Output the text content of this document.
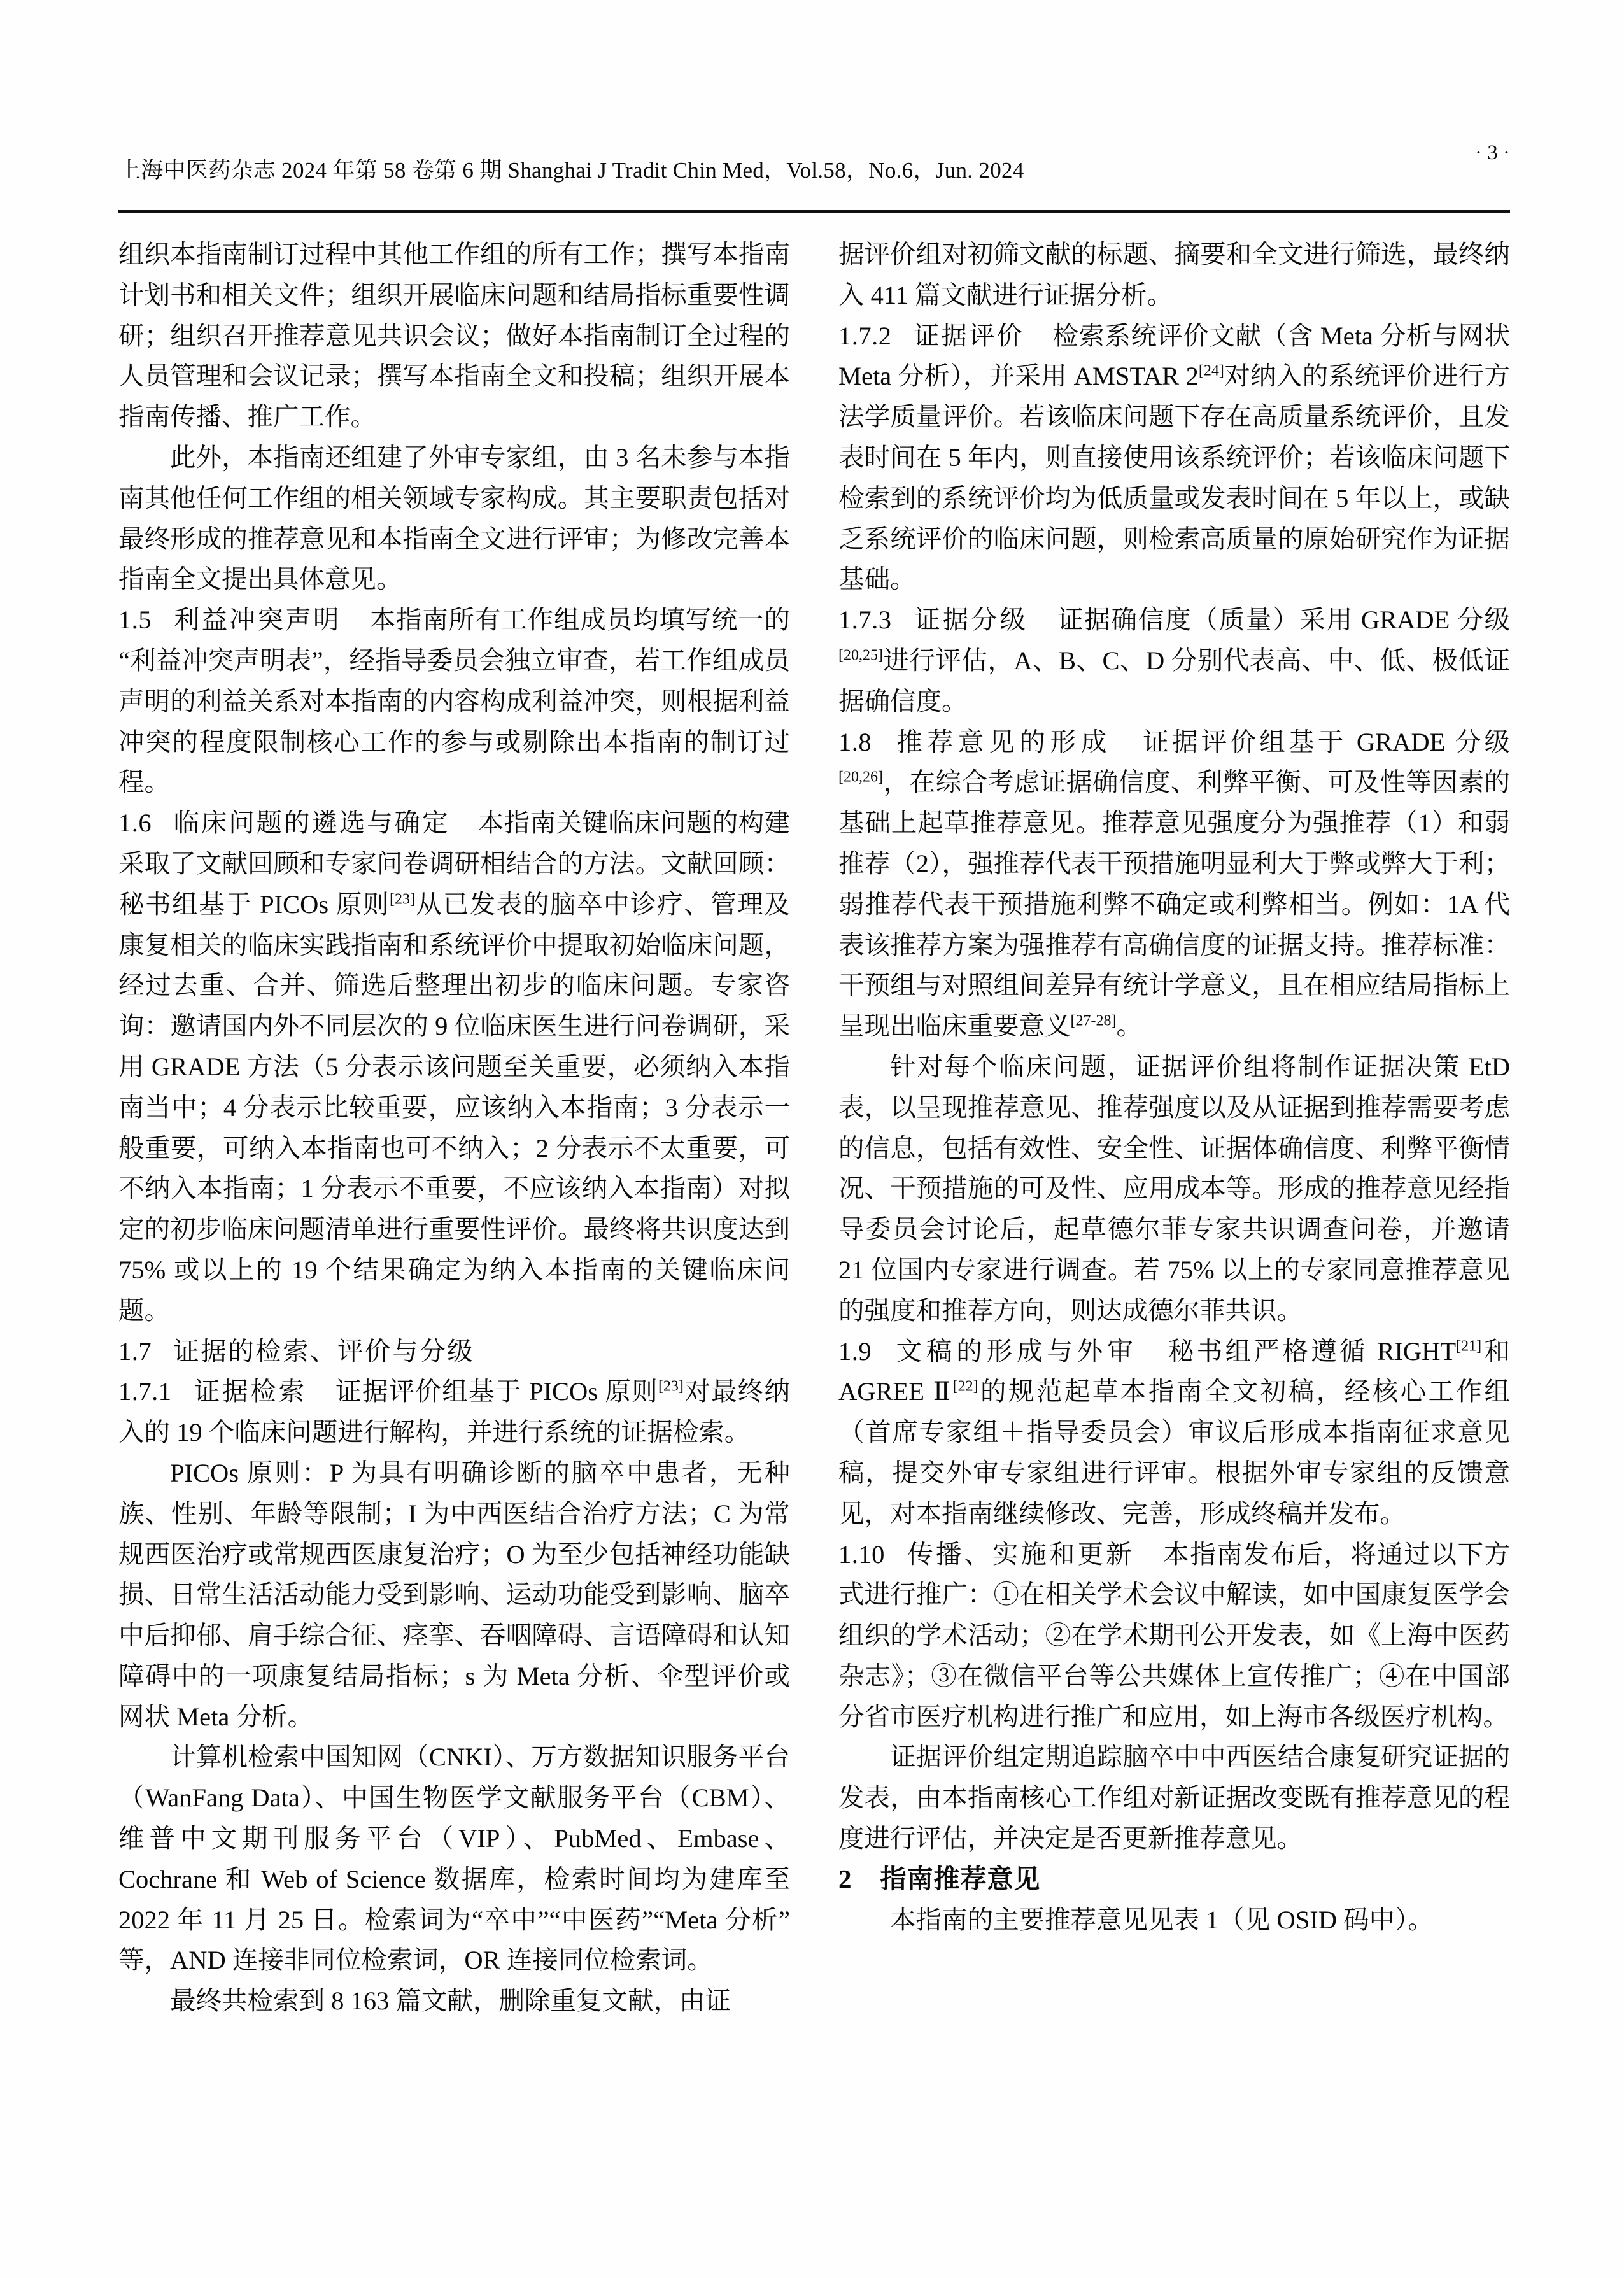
上海中医药杂志 2024 年第 58 卷第 6 期 Shanghai J Tradit Chin Med，Vol.58，No.6，Jun. 2024
· 3 ·

组织本指南制订过程中其他工作组的所有工作；撰写本指南计划书和相关文件；组织开展临床问题和结局指标重要性调研；组织召开推荐意见共识会议；做好本指南制订全过程的人员管理和会议记录；撰写本指南全文和投稿；组织开展本指南传播、推广工作。

此外，本指南还组建了外审专家组，由 3 名未参与本指南其他任何工作组的相关领域专家构成。其主要职责包括对最终形成的推荐意见和本指南全文进行评审；为修改完善本指南全文提出具体意见。

1.5 利益冲突声明 本指南所有工作组成员均填写统一的“利益冲突声明表”，经指导委员会独立审查，若工作组成员声明的利益关系对本指南的内容构成利益冲突，则根据利益冲突的程度限制核心工作的参与或剔除出本指南的制订过程。

1.6 临床问题的遴选与确定 本指南关键临床问题的构建采取了文献回顾和专家问卷调研相结合的方法。文献回顾：秘书组基于 PICOs 原则[23]从已发表的脑卒中诊疗、管理及康复相关的临床实践指南和系统评价中提取初始临床问题，经过去重、合并、筛选后整理出初步的临床问题。专家咨询：邀请国内外不同层次的 9 位临床医生进行问卷调研，采用 GRADE 方法（5 分表示该问题至关重要，必须纳入本指南当中；4 分表示比较重要，应该纳入本指南；3 分表示一般重要，可纳入本指南也可不纳入；2 分表示不太重要，可不纳入本指南；1 分表示不重要，不应该纳入本指南）对拟定的初步临床问题清单进行重要性评价。最终将共识度达到 75% 或以上的 19 个结果确定为纳入本指南的关键临床问题。

1.7 证据的检索、评价与分级

1.7.1 证据检索 证据评价组基于 PICOs 原则[23]对最终纳入的 19 个临床问题进行解构，并进行系统的证据检索。

PICOs 原则：P 为具有明确诊断的脑卒中患者，无种族、性别、年龄等限制；I 为中西医结合治疗方法；C 为常规西医治疗或常规西医康复治疗；O 为至少包括神经功能缺损、日常生活活动能力受到影响、运动功能受到影响、脑卒中后抑郁、肩手综合征、痉挛、吞咽障碍、言语障碍和认知障碍中的一项康复结局指标；s 为 Meta 分析、伞型评价或网状 Meta 分析。

计算机检索中国知网（CNKI）、万方数据知识服务平台（WanFang Data）、中国生物医学文献服务平台（CBM）、维普中文期刊服务平台（VIP）、PubMed、Embase、Cochrane 和 Web of Science 数据库，检索时间均为建库至 2022 年 11 月 25 日。检索词为“卒中”“中医药”“Meta 分析”等，AND 连接非同位检索词，OR 连接同位检索词。

最终共检索到 8 163 篇文献，删除重复文献，由证

据评价组对初筛文献的标题、摘要和全文进行筛选，最终纳入 411 篇文献进行证据分析。

1.7.2 证据评价 检索系统评价文献（含 Meta 分析与网状 Meta 分析），并采用 AMSTAR 2[24]对纳入的系统评价进行方法学质量评价。若该临床问题下存在高质量系统评价，且发表时间在 5 年内，则直接使用该系统评价；若该临床问题下检索到的系统评价均为低质量或发表时间在 5 年以上，或缺乏系统评价的临床问题，则检索高质量的原始研究作为证据基础。

1.7.3 证据分级 证据确信度（质量）采用 GRADE 分级[20,25]进行评估，A、B、C、D 分别代表高、中、低、极低证据确信度。

1.8 推荐意见的形成 证据评价组基于 GRADE 分级[20,26]，在综合考虑证据确信度、利弊平衡、可及性等因素的基础上起草推荐意见。推荐意见强度分为强推荐（1）和弱推荐（2），强推荐代表干预措施明显利大于弊或弊大于利；弱推荐代表干预措施利弊不确定或利弊相当。例如：1A 代表该推荐方案为强推荐有高确信度的证据支持。推荐标准：干预组与对照组间差异有统计学意义，且在相应结局指标上呈现出临床重要意义[27-28]。

针对每个临床问题，证据评价组将制作证据决策 EtD 表，以呈现推荐意见、推荐强度以及从证据到推荐需要考虑的信息，包括有效性、安全性、证据体确信度、利弊平衡情况、干预措施的可及性、应用成本等。形成的推荐意见经指导委员会讨论后，起草德尔菲专家共识调查问卷，并邀请 21 位国内专家进行调查。若 75% 以上的专家同意推荐意见的强度和推荐方向，则达成德尔菲共识。

1.9 文稿的形成与外审 秘书组严格遵循 RIGHT[21]和 AGREE Ⅱ[22]的规范起草本指南全文初稿，经核心工作组（首席专家组＋指导委员会）审议后形成本指南征求意见稿，提交外审专家组进行评审。根据外审专家组的反馈意见，对本指南继续修改、完善，形成终稿并发布。

1.10 传播、实施和更新 本指南发布后，将通过以下方式进行推广：①在相关学术会议中解读，如中国康复医学会组织的学术活动；②在学术期刊公开发表，如《上海中医药杂志》；③在微信平台等公共媒体上宣传推广；④在中国部分省市医疗机构进行推广和应用，如上海市各级医疗机构。

证据评价组定期追踪脑卒中中西医结合康复研究证据的发表，由本指南核心工作组对新证据改变既有推荐意见的程度进行评估，并决定是否更新推荐意见。

2 指南推荐意见

本指南的主要推荐意见见表 1（见 OSID 码中）。
